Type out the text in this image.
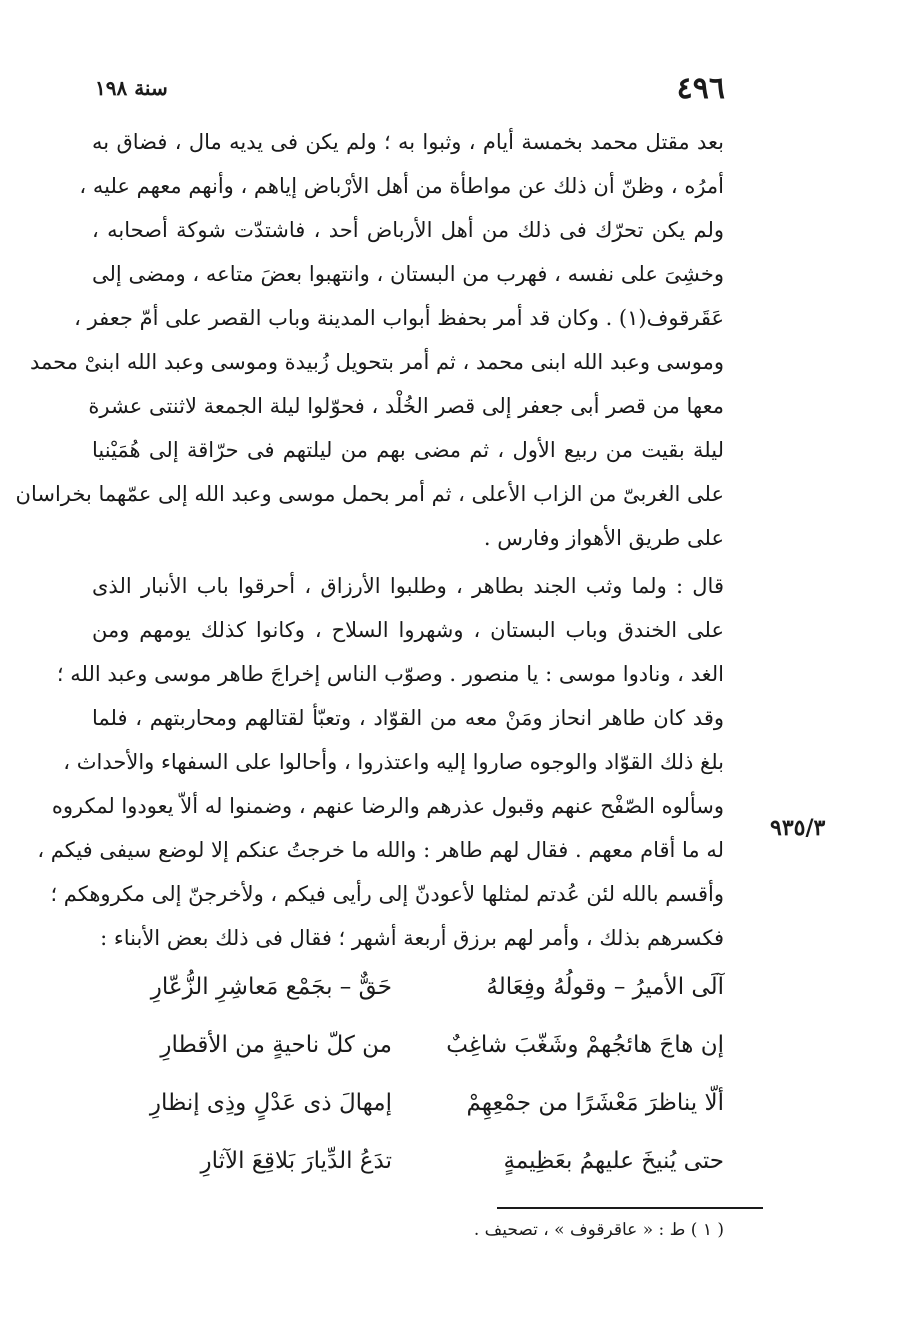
سنة ١٩٨	٤٩٦
بعد مقتل محمد بخمسة أيام ، وثبوا به ؛ ولم يكن فى يديه مال ، فضاق به
أمرُه ، وظنّ أن ذلك عن مواطأة من أهل الأرْباض إياهم ، وأنهم معهم عليه ،
ولم يكن تحرّك فى ذلك من أهل الأرباض أحد ، فاشتدّت شوكة أصحابه ،
وخشِىَ على نفسه ، فهرب من البستان ، وانتهبوا بعضَ متاعه ، ومضى إلى
عَقَرقوف(١) . وكان قد أمر بحفظ أبواب المدينة وباب القصر على أمّ جعفر ،
وموسى وعبد الله ابنى محمد ، ثم أمر بتحويل زُبيدة وموسى وعبد الله ابنىْ محمد
معها من قصر أبى جعفر إلى قصر الخُلْد ، فحوّلوا ليلة الجمعة لاثنتى عشرة
ليلة بقيت من ربيع الأول ، ثم مضى بهم من ليلتهم فى حرّاقة إلى هُمَيْنيا
على الغربىّ من الزاب الأعلى ، ثم أمر بحمل موسى وعبد الله إلى عمّهما بخراسان
على طريق الأهواز وفارس .
قال : ولما وثب الجند بطاهر ، وطلبوا الأرزاق ، أحرقوا باب الأنبار الذى
على الخندق وباب البستان ، وشهروا السلاح ، وكانوا كذلك يومهم ومن
الغد ، ونادوا موسى : يا منصور . وصوّب الناس إخراجَ طاهر موسى وعبد الله ؛
وقد كان طاهر انحاز ومَنْ معه من القوّاد ، وتعبّأ لقتالهم ومحاربتهم ، فلما
بلغ ذلك القوّاد والوجوه صاروا إليه واعتذروا ، وأحالوا على السفهاء والأحداث ،
وسألوه الصّفْح عنهم وقبول عذرهم والرضا عنهم ، وضمنوا له ألاّ يعودوا لمكروه
له ما أقام معهم . فقال لهم طاهر : والله ما خرجتُ عنكم إلا لوضع سيفى فيكم ،
وأقسم بالله لئن عُدتم لمثلها لأعودنّ إلى رأيى فيكم ، ولأخرجنّ إلى مكروهكم ؛
فكسرهم بذلك ، وأمر لهم برزق أربعة أشهر ؛ فقال فى ذلك بعض الأبناء :
٩٣٥/٣
آلَى الأميرُ – وقولُهُ وفِعَالهُ
حَقٌّ – بجَمْع مَعاشِرِ الزُّعّارِ
إن هاجَ هائجُهمْ وشَغّبَ شاغِبٌ
من كلّ ناحيةٍ من الأقطارِ
ألّا يناظرَ مَعْشَرًا من جمْعِهِمْ
إمهالَ ذى عَدْلٍ وذِى إنظارِ
حتى يُنيخَ عليهمُ بعَظِيمةٍ
تدَعُ الدِّيارَ بَلاقِعَ الآثارِ
( ١ ) ط : « عاقرقوف » ، تصحيف .
